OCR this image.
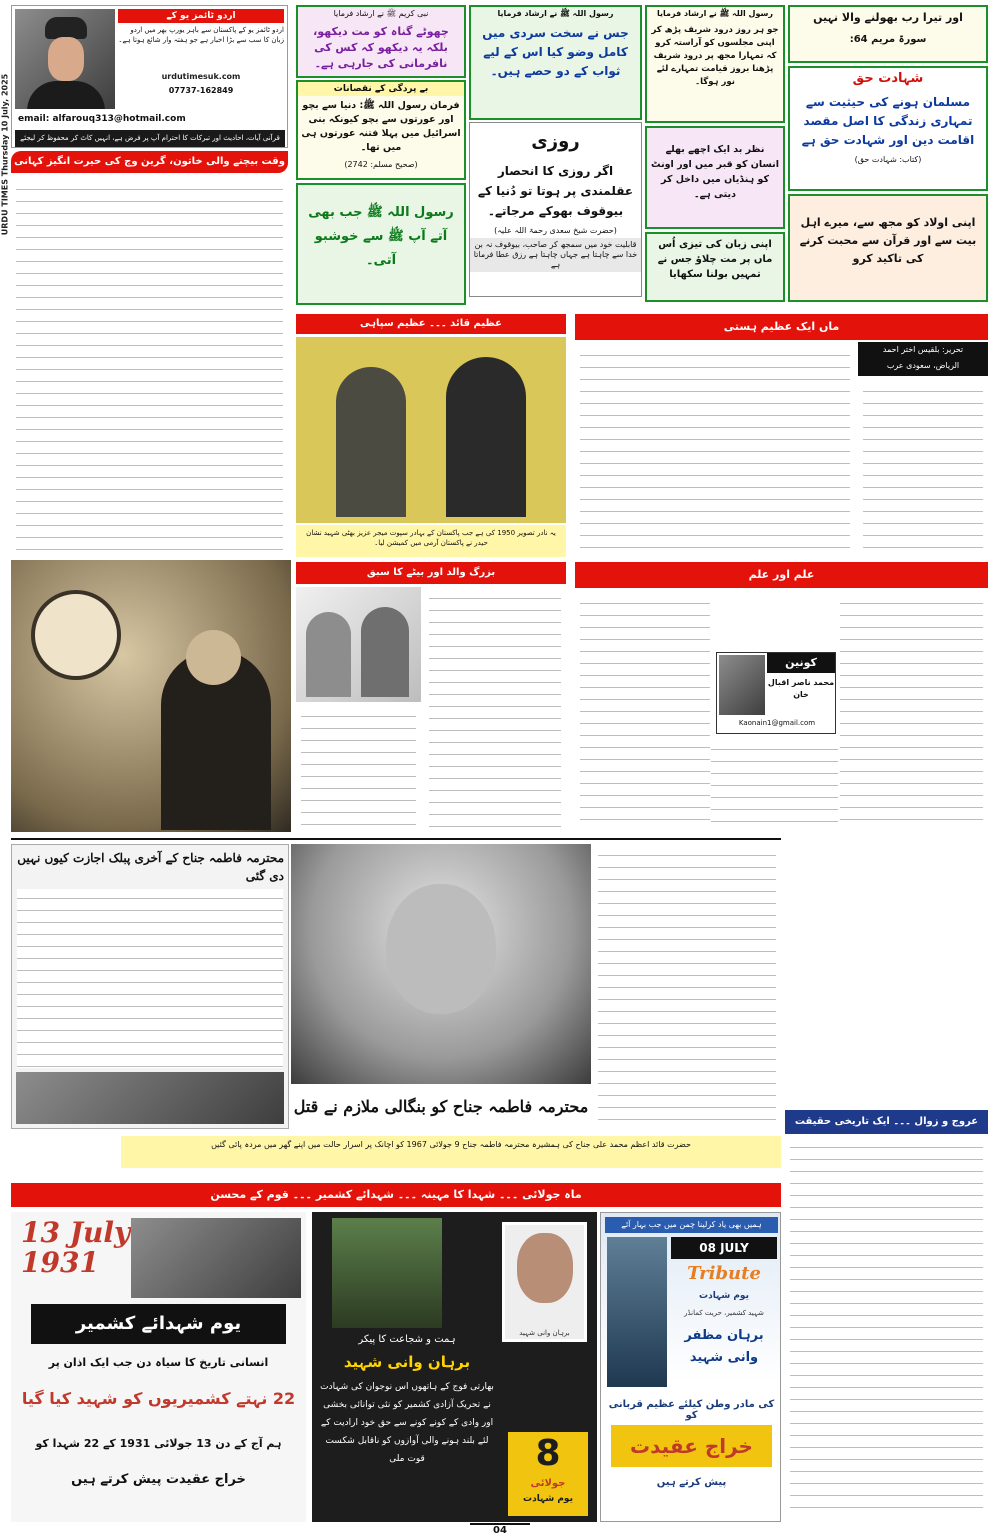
URDU TIMES Thursday 10 July, 2025
اردو ٹائمز یو کے
اردو ٹائمز یو کے پاکستان سے باہر یورپ بھر میں اردو زبان کا سب سے بڑا اخبار ہے جو ہفتہ وار شائع ہوتا ہے۔
urdutimesuk.com
07737-162849
email: alfarouq313@hotmail.com
قرآنی آیات، احادیث اور تبرکات کا احترام آپ پر فرض ہے، انہیں کاٹ کر محفوظ کر لیجئے
وقت بیچنے والی خاتون، گرین وچ کی حیرت انگیز کہانی
نبی کریم ﷺ نے ارشاد فرمایا
چھوٹے گناہ کو مت دیکھو، بلکہ یہ دیکھو کہ کس کی نافرمانی کی جارہی ہے۔
بے پردگی کے نقصانات
فرمان رسول اللہ ﷺ: دنیا سے بچو اور عورتوں سے بچو کیونکہ بنی اسرائیل میں پہلا فتنہ عورتوں ہی میں تھا۔
(صحیح مسلم: 2742)
رسول اللہ ﷺ جب بھی آتے آپ ﷺ سے خوشبو آتی۔
رسول اللہ ﷺ نے ارشاد فرمایا
جس نے سخت سردی میں کامل وضو کیا اس کے لیے ثواب کے دو حصے ہیں۔
روزی
اگر روزی کا انحصار عقلمندی پر ہوتا تو دُنیا کے بیوقوف بھوکے مرجاتے۔
(حضرت شیخ سعدی رحمۃ اللہ علیہ)
قابلیت خود میں سمجھ کر صاحب، بیوقوف نہ بن خدا سے چاہتا ہے جہاں چاہتا ہے رزق عطا فرماتا ہے
رسول اللہ ﷺ نے ارشاد فرمایا
جو ہر روز درود شریف پڑھ کر اپنی مجلسوں کو آراستہ کرو کہ تمہارا مجھ پر درود شریف پڑھنا بروز قیامت تمہارے لئے نور ہوگا۔
نظر بد ایک اچھے بھلے انسان کو قبر میں اور اونٹ کو ہنڈیاں میں داخل کر دیتی ہے۔
اپنی زبان کی تیزی اُس ماں پر مت چلاؤ جس نے تمہیں بولنا سکھایا
اور تیرا رب بھولنے والا نہیں
سورۃ مریم 64:
شہادت حق
مسلمان ہونے کی حیثیت سے تمہاری زندگی کا اصل مقصد اقامت دین اور شہادت حق ہے
(کتاب: شہادت حق)
اپنی اولاد کو مجھ سے، میرے اہل بیت سے اور قرآن سے محبت کرنے کی تاکید کرو
عظیم قائد ۔۔۔ عظیم سپاہی
یہ نادر تصویر 1950 کی ہے جب پاکستان کے بہادر سپوت میجر عزیز بھٹی شہید نشان حیدر نے پاکستان آرمی میں کمیشن لیا۔
ماں ایک عظیم ہستی
تحریر: بلقیس اختر احمد
الریاض، سعودی عرب
بزرگ والد اور بیٹے کا سبق	علم اور علم
کونین
محمد ناصر اقبال خان
Kaonain1@gmail.com
محترمہ فاطمہ جناح کے آخری پبلک اجازت کیوں نہیں دی گئی
محترمہ فاطمہ جناح کو بنگالی ملازم نے قتل
حضرت قائد اعظم محمد علی جناح کی ہمشیرہ محترمہ فاطمہ جناح 9 جولائی 1967 کو اچانک پر اسرار حالت میں اپنے گھر میں مردہ پائی گئیں
عروج و زوال ۔۔۔ ایک تاریخی حقیقت
ماہ جولائی ۔۔۔ شہدا کا مہینہ ۔۔۔ شہدائے کشمیر ۔۔۔ قوم کے محسن
13 July 1931
یوم شہدائے کشمیر
انسانی تاریخ کا سیاہ دن جب ایک اذان پر
22 نہتے کشمیریوں کو شہید کیا گیا
ہم آج کے دن 13 جولائی 1931 کے 22 شہدا کو
خراج عقیدت پیش کرتے ہیں
برہان وانی شہید
ہمت و شجاعت کا پیکر
برہان وانی شہید
بھارتی فوج کے ہاتھوں اس نوجوان کی شہادت نے تحریک آزادی کشمیر کو نئی توانائی بخشی اور وادی کے کونے کونے سے حق خود ارادیت کے لئے بلند ہونے والی آوازوں کو ناقابل شکست قوت ملی	8
جولائی
یوم شہادت
ہمیں بھی یاد کرلینا چمن میں جب بہار آئے
08 JULY
Tribute
یوم شہادت
شہید کشمیر، حریت کمانڈر
برہان مظفر وانی شہید
کی مادر وطن کیلئے عظیم قربانی کو
خراج عقیدت
پیش کرتے ہیں
04
